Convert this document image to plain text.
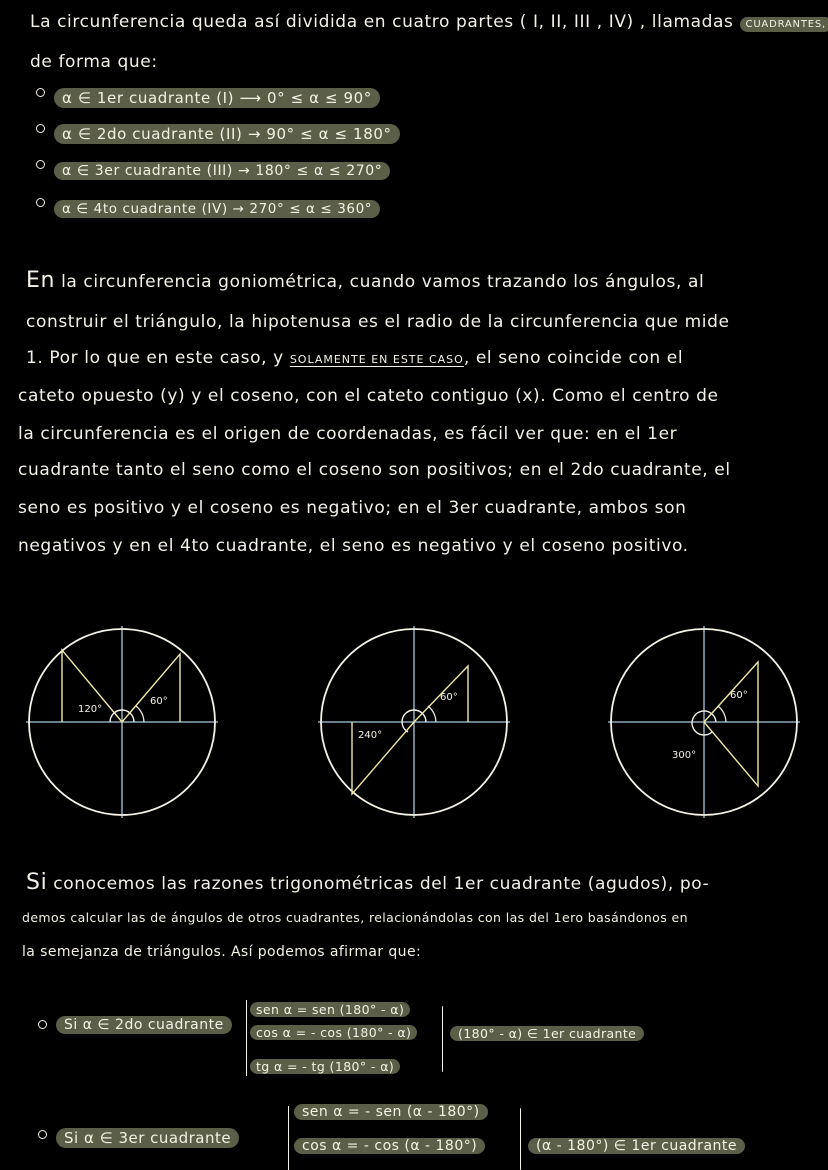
La circunferencia queda así dividida en cuatro partes ( I, II, III , IV) , llamadas CUADRANTES,
de forma que:
α ∈ 1er cuadrante (I) ⟶ 0° ≤ α ≤ 90°
α ∈ 2do cuadrante (II) → 90° ≤ α ≤ 180°
α ∈ 3er cuadrante (III) → 180° ≤ α ≤ 270°
α ∈ 4to cuadrante (IV) → 270° ≤ α ≤ 360°
En la circunferencia goniométrica, cuando vamos trazando los ángulos, al
construir el triángulo, la hipotenusa es el radio de la circunferencia que mide
1. Por lo que en este caso, y SOLAMENTE EN ESTE CASO, el seno coincide con el
cateto opuesto (y) y el coseno, con el cateto contiguo (x). Como el centro de
la circunferencia es el origen de coordenadas, es fácil ver que: en el 1er
cuadrante tanto el seno como el coseno son positivos; en el 2do cuadrante, el
seno es positivo y el coseno es negativo; en el 3er cuadrante, ambos son
negativos y en el 4to cuadrante, el seno es negativo y el coseno positivo.
120°
60°
240°
60°
300°
60°
Si conocemos las razones trigonométricas del 1er cuadrante (agudos), po-
demos calcular las de ángulos de otros cuadrantes, relacionándolas con las del 1ero basándonos en
la semejanza de triángulos. Así podemos afirmar que:
Si α ∈ 2do cuadrante
sen α = sen (180° - α)
cos α = - cos (180° - α)
tg α = - tg (180° - α)
(180° - α) ∈ 1er cuadrante
Si α ∈ 3er cuadrante
sen α = - sen (α - 180°)
cos α = - cos (α - 180°)	(α - 180°) ∈ 1er cuadrante
